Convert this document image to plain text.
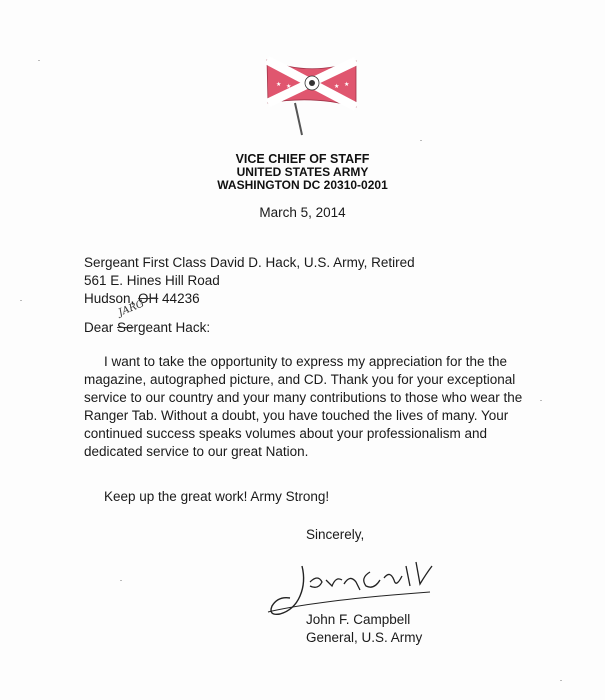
★ ★	★ ★
VICE CHIEF OF STAFF
UNITED STATES ARMY
WASHINGTON DC 20310-0201
March 5, 2014
Sergeant First Class David D. Hack, U.S. Army, Retired
561 E. Hines Hill Road
Hudson, OH 44236
JARG
Dear Sergeant Hack:
I want to take the opportunity to express my appreciation for the the magazine, autographed picture, and CD. Thank you for your exceptional service to our country and your many contributions to those who wear the Ranger Tab. Without a doubt, you have touched the lives of many. Your continued success speaks volumes about your professionalism and dedicated service to our great Nation.
Keep up the great work! Army Strong!
Sincerely,
John F. Campbell
General, U.S. Army
